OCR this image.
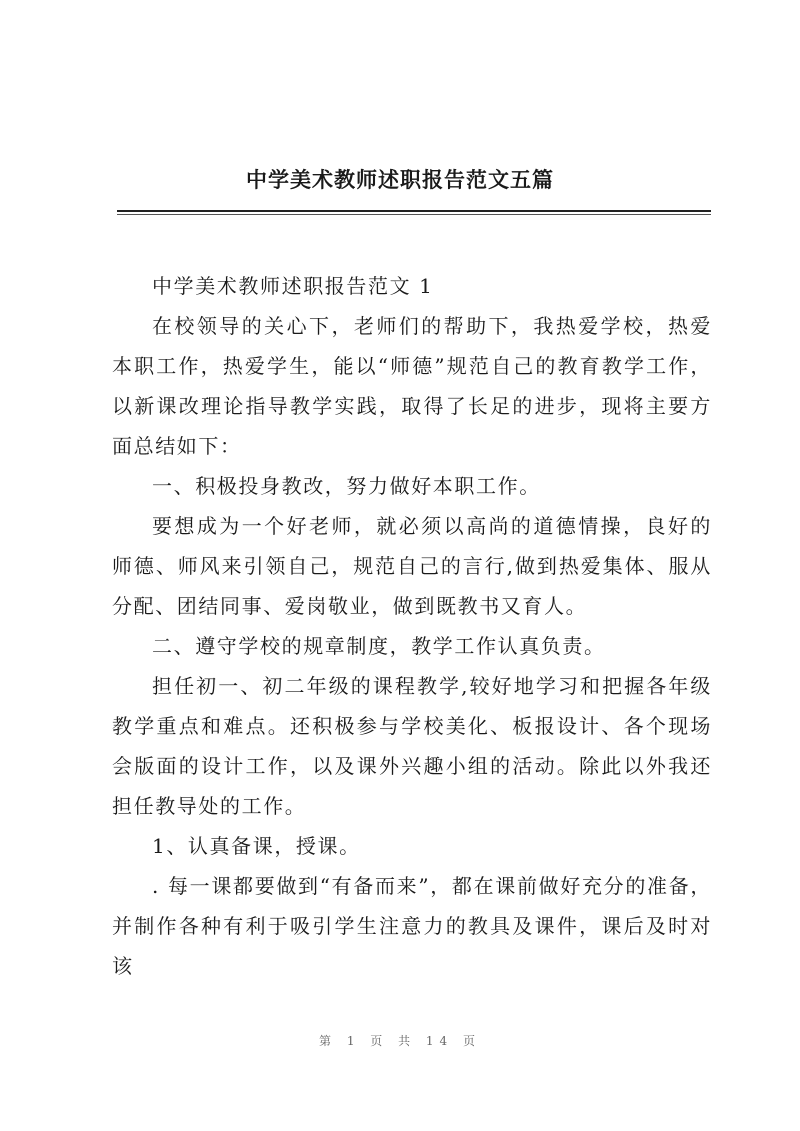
中学美术教师述职报告范文五篇

中学美术教师述职报告范文 1

在校领导的关心下，老师们的帮助下，我热爱学校，热爱本职工作，热爱学生，能以“师德”规范自己的教育教学工作，以新课改理论指导教学实践，取得了长足的进步，现将主要方面总结如下：

一、积极投身教改，努力做好本职工作。

要想成为一个好老师，就必须以高尚的道德情操，良好的师德、师风来引领自己，规范自己的言行,做到热爱集体、服从分配、团结同事、爱岗敬业，做到既教书又育人。

二、遵守学校的规章制度，教学工作认真负责。

担任初一、初二年级的课程教学,较好地学习和把握各年级教学重点和难点。还积极参与学校美化、板报设计、各个现场会版面的设计工作，以及课外兴趣小组的活动。除此以外我还担任教导处的工作。

1、认真备课，授课。

. 每一课都要做到“有备而来”，都在课前做好充分的准备，并制作各种有利于吸引学生注意力的教具及课件，课后及时对该

第 1 页 共 14 页
